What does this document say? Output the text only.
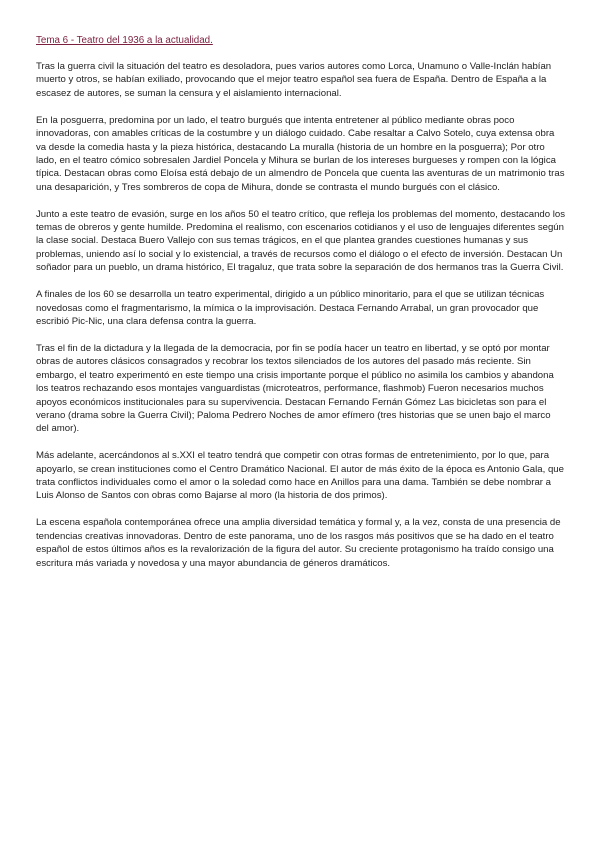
Tema 6 - Teatro del 1936 a la actualidad.

Tras la guerra civil la situación del teatro es desoladora, pues varios autores como Lorca, Unamuno o Valle-Inclán habían muerto y otros, se habían exiliado, provocando que el mejor teatro español sea fuera de España. Dentro de España a la escasez de autores, se suman la censura y el aislamiento internacional.

En la posguerra, predomina por un lado, el teatro burgués que intenta entretener al público mediante obras poco innovadoras, con amables críticas de la costumbre y un diálogo cuidado. Cabe resaltar a Calvo Sotelo, cuya extensa obra va desde la comedia hasta y la pieza histórica, destacando La muralla (historia de un hombre en la posguerra); Por otro lado, en el teatro cómico sobresalen Jardiel Poncela y Mihura se burlan de los intereses burgueses y rompen con la lógica típica. Destacan obras como Eloísa está debajo de un almendro de Poncela que cuenta las aventuras de un matrimonio tras una desaparición, y Tres sombreros de copa de Mihura, donde se contrasta el mundo burgués con el clásico.

Junto a este teatro de evasión, surge en los años 50 el teatro crítico, que refleja los problemas del momento, destacando los temas de obreros y gente humilde. Predomina el realismo, con escenarios cotidianos y el uso de lenguajes diferentes según la clase social. Destaca Buero Vallejo con sus temas trágicos, en el que plantea grandes cuestiones humanas y sus problemas, uniendo así lo social y lo existencial, a través de recursos como el diálogo o el efecto de inversión. Destacan Un soñador para un pueblo, un drama histórico, El tragaluz, que trata sobre la separación de dos hermanos tras la Guerra Civil.

A finales de los 60 se desarrolla un teatro experimental, dirigido a un público minoritario, para el que se utilizan técnicas novedosas como el fragmentarismo, la mímica o la improvisación. Destaca Fernando Arrabal, un gran provocador que escribió Pic-Nic, una clara defensa contra la guerra.

Tras el fin de la dictadura y la llegada de la democracia, por fin se podía hacer un teatro en libertad, y se optó por montar obras de autores clásicos consagrados y recobrar los textos silenciados de los autores del pasado más reciente. Sin embargo, el teatro experimentó en este tiempo una crisis importante porque el público no asimila los cambios y abandona los teatros rechazando esos montajes vanguardistas (microteatros, performance, flashmob) Fueron necesarios muchos apoyos económicos institucionales para su supervivencia. Destacan Fernando Fernán Gómez Las bicicletas son para el verano (drama sobre la Guerra Civil); Paloma Pedrero Noches de amor efímero (tres historias que se unen bajo el marco del amor).

Más adelante, acercándonos al s.XXI el teatro tendrá que competir con otras formas de entretenimiento, por lo que, para apoyarlo, se crean instituciones como el Centro Dramático Nacional. El autor de más éxito de la época es Antonio Gala, que trata conflictos individuales como el amor o la soledad como hace en Anillos para una dama. También se debe nombrar a Luis Alonso de Santos con obras como Bajarse al moro (la historia de dos primos).

La escena española contemporánea ofrece una amplia diversidad temática y formal y, a la vez, consta de una presencia de tendencias creativas innovadoras. Dentro de este panorama, uno de los rasgos más positivos que se ha dado en el teatro español de estos últimos años es la revalorización de la figura del autor. Su creciente protagonismo ha traído consigo una escritura más variada y novedosa y una mayor abundancia de géneros dramáticos.
